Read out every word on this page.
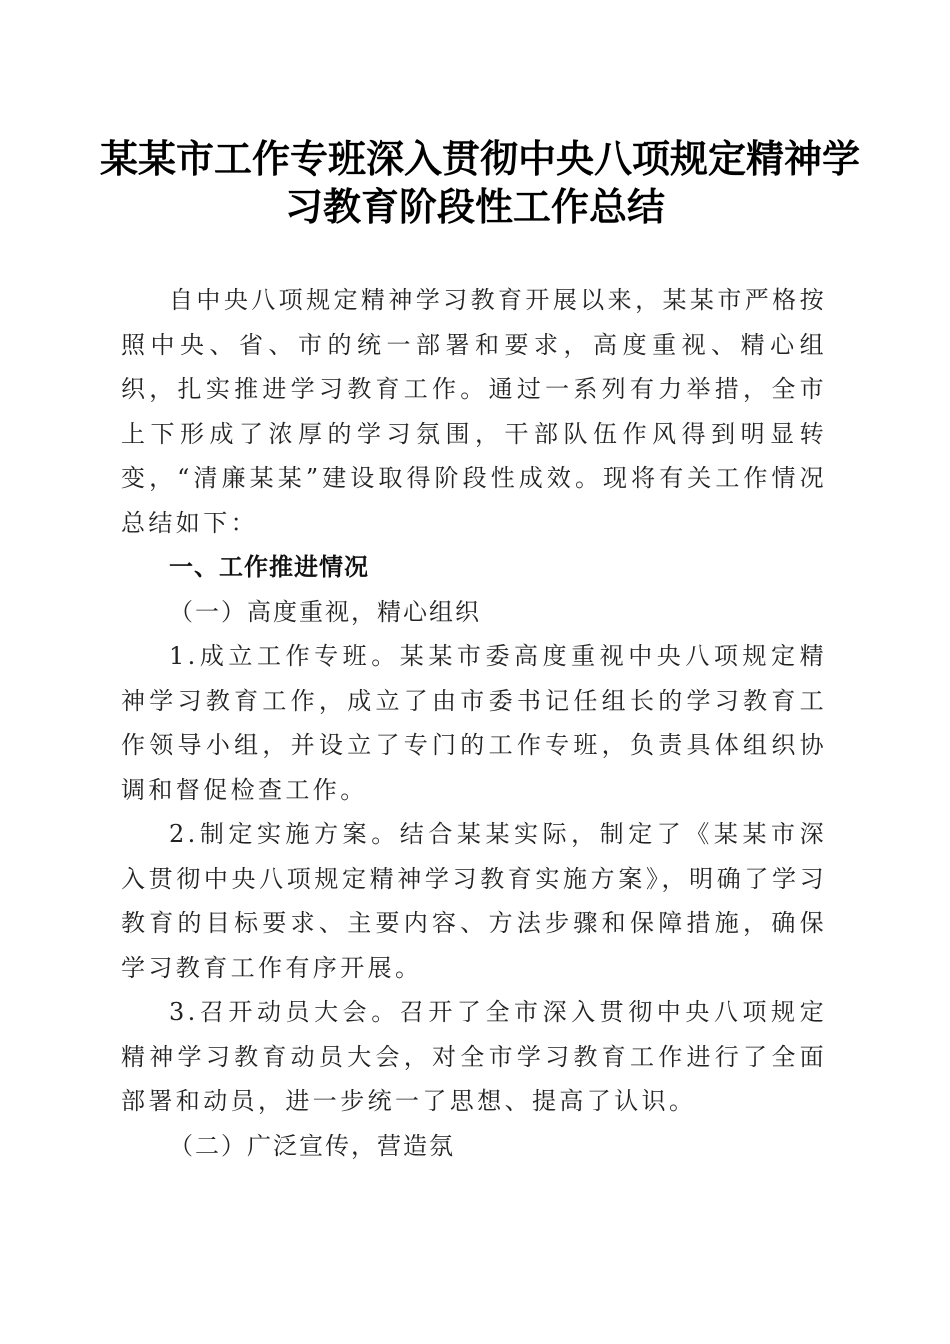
某某市工作专班深入贯彻中央八项规定精神学
习教育阶段性工作总结

自中央八项规定精神学习教育开展以来，某某市严格按照中央、省、市的统一部署和要求，高度重视、精心组织，扎实推进学习教育工作。通过一系列有力举措，全市上下形成了浓厚的学习氛围，干部队伍作风得到明显转变，“清廉某某”建设取得阶段性成效。现将有关工作情况总结如下：

一、工作推进情况

（一）高度重视，精心组织

1.成立工作专班。某某市委高度重视中央八项规定精神学习教育工作，成立了由市委书记任组长的学习教育工作领导小组，并设立了专门的工作专班，负责具体组织协调和督促检查工作。

2.制定实施方案。结合某某实际，制定了《某某市深入贯彻中央八项规定精神学习教育实施方案》，明确了学习教育的目标要求、主要内容、方法步骤和保障措施，确保学习教育工作有序开展。

3.召开动员大会。召开了全市深入贯彻中央八项规定精神学习教育动员大会，对全市学习教育工作进行了全面部署和动员，进一步统一了思想、提高了认识。

（二）广泛宣传，营造氛
